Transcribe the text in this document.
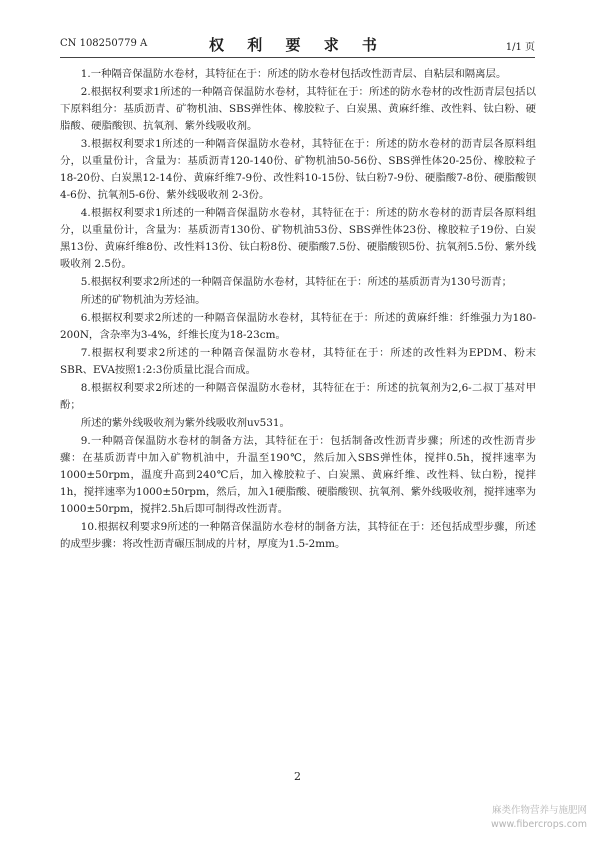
CN 108250779 A	权 利 要 求 书	1/1 页

1.一种隔音保温防水卷材，其特征在于：所述的防水卷材包括改性沥青层、自粘层和隔离层。

2.根据权利要求1所述的一种隔音保温防水卷材，其特征在于：所述的防水卷材的改性沥青层包括以下原料组分：基质沥青、矿物机油、SBS弹性体、橡胶粒子、白炭黑、黄麻纤维、改性料、钛白粉、硬脂酸、硬脂酸钡、抗氧剂、紫外线吸收剂。

3.根据权利要求1所述的一种隔音保温防水卷材，其特征在于：所述的防水卷材的沥青层各原料组分，以重量份计，含量为：基质沥青120-140份、矿物机油50-56份、SBS弹性体20-25份、橡胶粒子18-20份、白炭黑12-14份、黄麻纤维7-9份、改性料10-15份、钛白粉7-9份、硬脂酸7-8份、硬脂酸钡4-6份、抗氧剂5-6份、紫外线吸收剂 2-3份。

4.根据权利要求1所述的一种隔音保温防水卷材，其特征在于：所述的防水卷材的沥青层各原料组分，以重量份计，含量为：基质沥青130份、矿物机油53份、SBS弹性体23份、橡胶粒子19份、白炭黑13份、黄麻纤维8份、改性料13份、钛白粉8份、硬脂酸7.5份、硬脂酸钡5份、抗氧剂5.5份、紫外线吸收剂 2.5份。

5.根据权利要求2所述的一种隔音保温防水卷材，其特征在于：所述的基质沥青为130号沥青；

所述的矿物机油为芳烃油。

6.根据权利要求2所述的一种隔音保温防水卷材，其特征在于：所述的黄麻纤维：纤维强力为180-200N，含杂率为3-4%，纤维长度为18-23cm。

7.根据权利要求2所述的一种隔音保温防水卷材，其特征在于：所述的改性料为EPDM、粉末SBR、EVA按照1:2:3份质量比混合而成。

8.根据权利要求2所述的一种隔音保温防水卷材，其特征在于：所述的抗氧剂为2,6-二叔丁基对甲酚；

所述的紫外线吸收剂为紫外线吸收剂uv531。

9.一种隔音保温防水卷材的制备方法，其特征在于：包括制备改性沥青步骤；所述的改性沥青步骤：在基质沥青中加入矿物机油中，升温至190℃，然后加入SBS弹性体，搅拌0.5h，搅拌速率为1000±50rpm，温度升高到240℃后，加入橡胶粒子、白炭黑、黄麻纤维、改性料、钛白粉，搅拌1h，搅拌速率为1000±50rpm，然后，加入1硬脂酸、硬脂酸钡、抗氧剂、紫外线吸收剂，搅拌速率为1000±50rpm，搅拌2.5h后即可制得改性沥青。

10.根据权利要求9所述的一种隔音保温防水卷材的制备方法，其特征在于：还包括成型步骤，所述的成型步骤：将改性沥青碾压制成的片材，厚度为1.5-2mm。

2
麻类作物营养与施肥网
www.fibercrops.com
